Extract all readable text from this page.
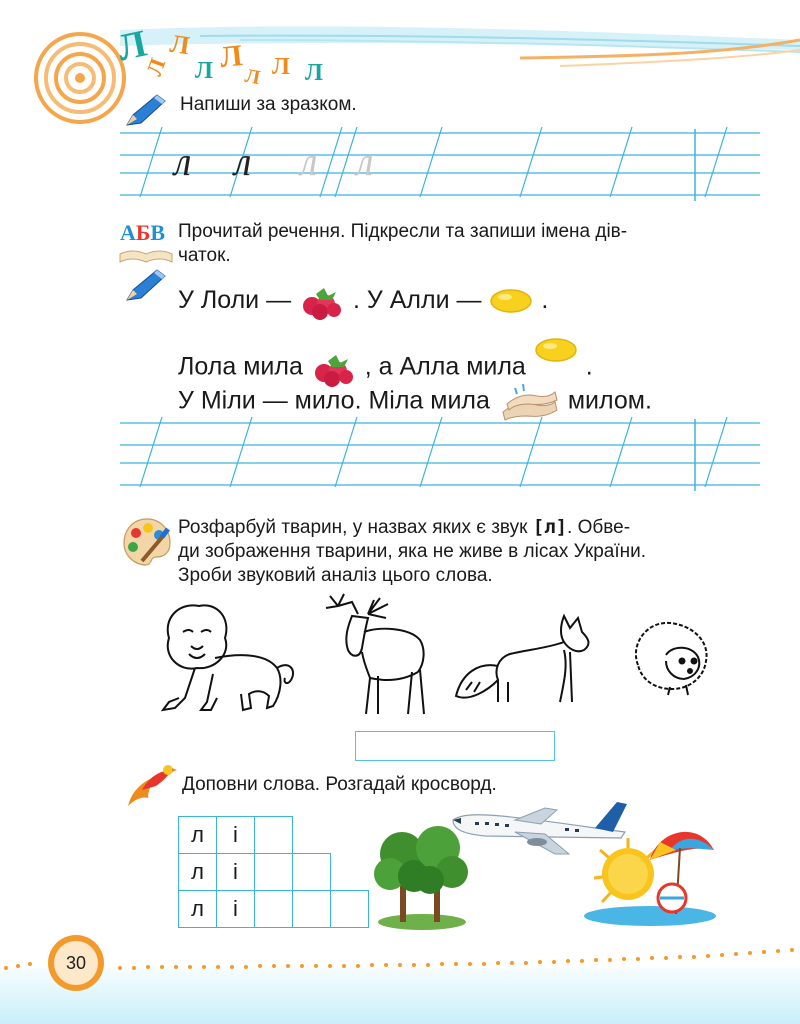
Л Л
Л Л Л
Л Л Л
Напиши за зразком.
л л л л
АБВ Прочитай речення. Підкресли та запиши імена дів-
чаток.
У Лоли — . У Алли — .
Лола мила , а Алла мила .
У Міли — мило. Міла мила	милом.
Розфарбуй тварин, у назвах яких є звук [л]. Обве-
ди зображення тварини, яка не живе в лісах України.
Зроби звуковий аналіз цього слова.
Доповни слова. Розгадай кросворд.
л	і			
л	і			
л	і			
30
